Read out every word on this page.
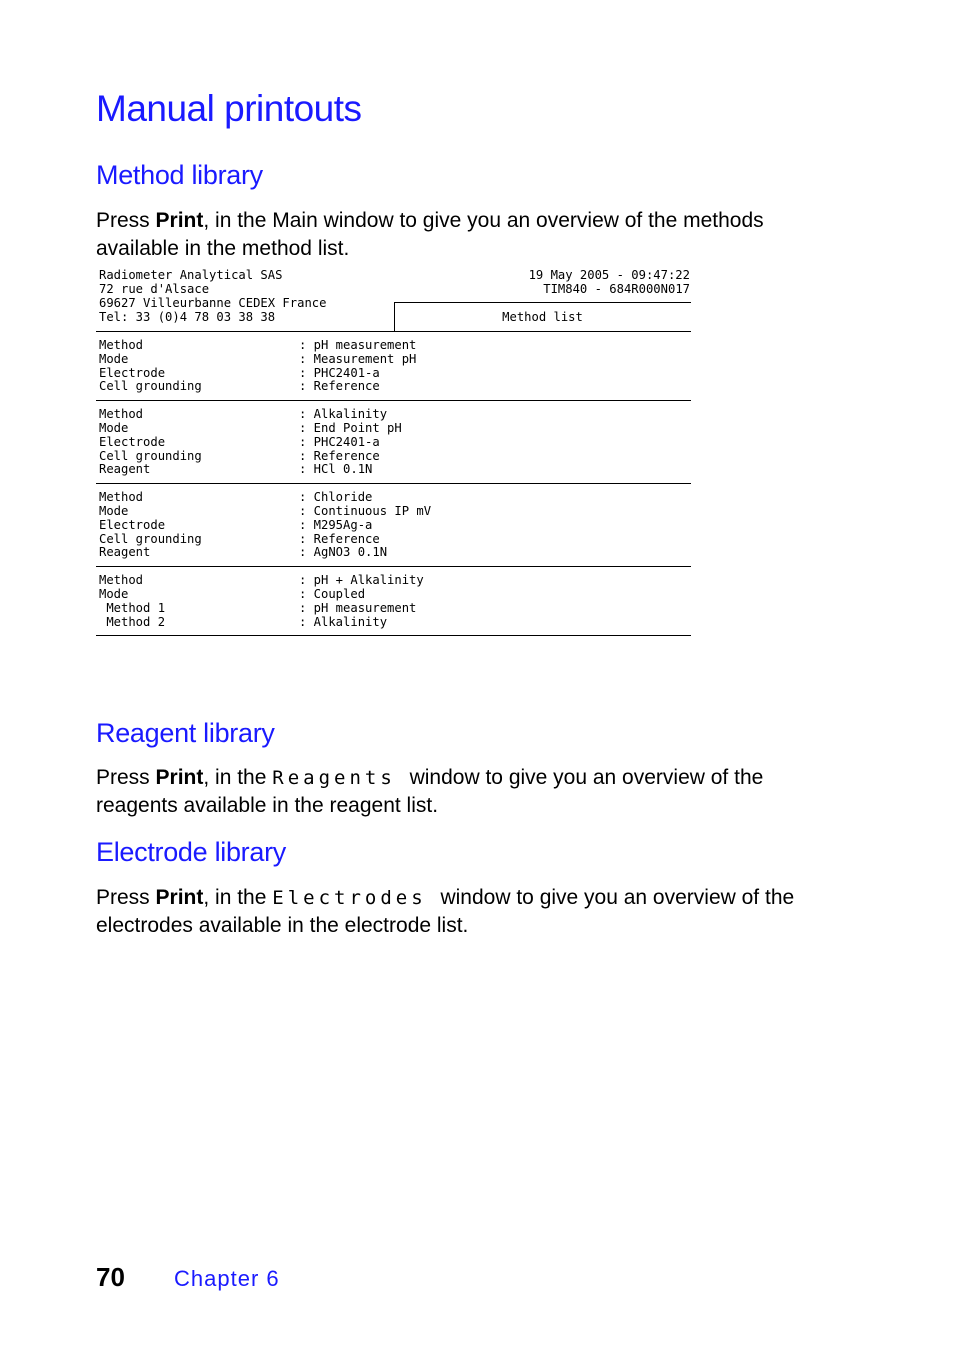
Manual printouts
Method library

Press Print, in the Main window to give you an overview of the methods available in the method list.

Radiometer Analytical SAS
72 rue d'Alsace
69627 Villeurbanne CEDEX France
Tel: 33 (0)4 78 03 38 38
19 May 2005 - 09:47:22
TIM840 - 684R000N017
Method list
Method	: pH measurement
Mode	: Measurement pH
Electrode	: PHC2401-a
Cell grounding	: Reference
Method	: Alkalinity
Mode	: End Point pH
Electrode	: PHC2401-a
Cell grounding	: Reference
Reagent	: HCl 0.1N
Method	: Chloride
Mode	: Continuous IP mV
Electrode	: M295Ag-a
Cell grounding	: Reference
Reagent	: AgNO3 0.1N
Method	: pH + Alkalinity
Mode	: Coupled
Method 1	: pH measurement
Method 2	: Alkalinity
Reagent library

Press Print, in the Reagents window to give you an overview of the reagents available in the reagent list.

Electrode library

Press Print, in the Electrodes window to give you an overview of the electrodes available in the electrode list.

70 Chapter 6
